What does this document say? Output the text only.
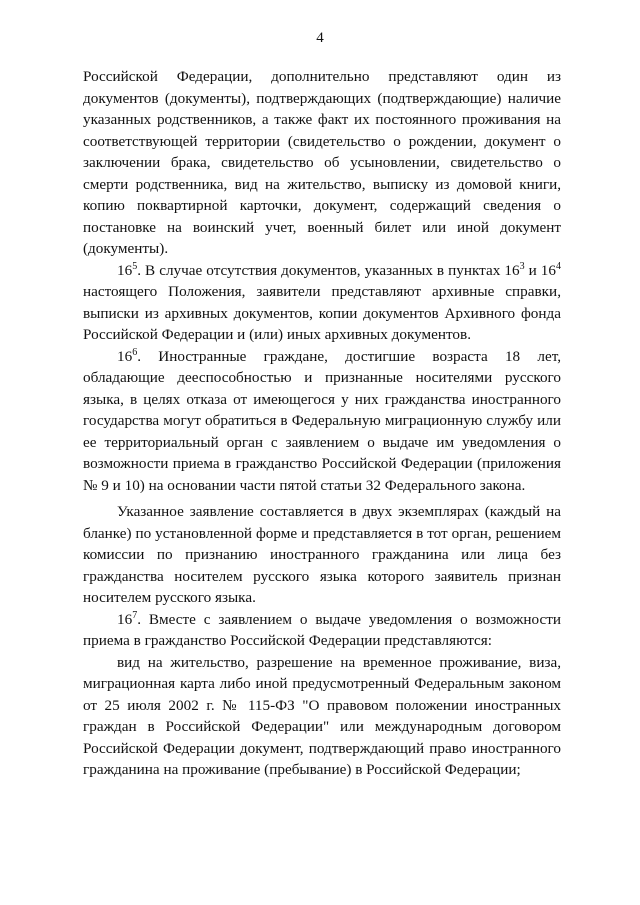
4

Российской Федерации, дополнительно представляют один из документов (документы), подтверждающих (подтверждающие) наличие указанных родственников, а также факт их постоянного проживания на соответствующей территории (свидетельство о рождении, документ о заключении брака, свидетельство об усыновлении, свидетельство о смерти родственника, вид на жительство, выписку из домовой книги, копию поквартирной карточки, документ, содержащий сведения о постановке на воинский учет, военный билет или иной документ (документы).

$16^5$. В случае отсутствия документов, указанных в пунктах $16^3$ и $16^4$ настоящего Положения, заявители представляют архивные справки, выписки из архивных документов, копии документов Архивного фонда Российской Федерации и (или) иных архивных документов.

$16^6$. Иностранные граждане, достигшие возраста 18 лет, обладающие дееспособностью и признанные носителями русского языка, в целях отказа от имеющегося у них гражданства иностранного государства могут обратиться в Федеральную миграционную службу или ее территориальный орган с заявлением о выдаче им уведомления о возможности приема в гражданство Российской Федерации (приложения № 9 и 10) на основании части пятой статьи 32 Федерального закона.

Указанное заявление составляется в двух экземплярах (каждый на бланке) по установленной форме и представляется в тот орган, решением комиссии по признанию иностранного гражданина или лица без гражданства носителем русского языка которого заявитель признан носителем русского языка.

$16^7$. Вместе с заявлением о выдаче уведомления о возможности приема в гражданство Российской Федерации представляются:

вид на жительство, разрешение на временное проживание, виза, миграционная карта либо иной предусмотренный Федеральным законом от 25 июля 2002 г. № 115-ФЗ "О правовом положении иностранных граждан в Российской Федерации" или международным договором Российской Федерации документ, подтверждающий право иностранного гражданина на проживание (пребывание) в Российской Федерации;
